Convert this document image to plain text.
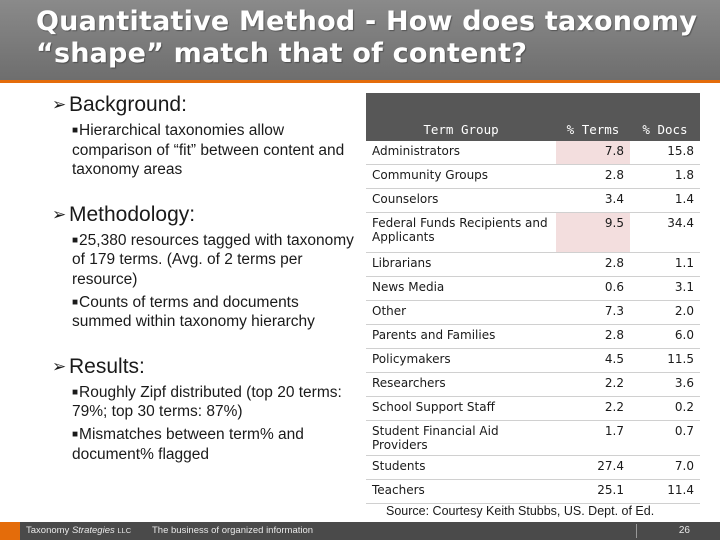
Quantitative Method - How does taxonomy “shape” match that of content?
➢ Background:
■Hierarchical taxonomies allow comparison of “fit” between content and taxonomy areas
➢ Methodology:
■25,380 resources tagged with taxonomy of 179 terms. (Avg. of 2 terms per resource)
■Counts of terms and documents summed within taxonomy hierarchy
➢ Results:
■Roughly Zipf distributed (top 20 terms: 79%; top 30 terms: 87%)
■Mismatches between term% and document% flagged
Term Group	% Terms	% Docs
Administrators	7.8	15.8
Community Groups	2.8	1.8
Counselors	3.4	1.4
Federal Funds Recipients and Applicants	9.5	34.4
Librarians	2.8	1.1
News Media	0.6	3.1
Other	7.3	2.0
Parents and Families	2.8	6.0
Policymakers	4.5	11.5
Researchers	2.2	3.6
School Support Staff	2.2	0.2
Student Financial Aid Providers	1.7	0.7
Students	27.4	7.0
Teachers	25.1	11.4
Source: Courtesy Keith Stubbs, US. Dept. of Ed.
Taxonomy Strategies LLC The business of organized information	26
